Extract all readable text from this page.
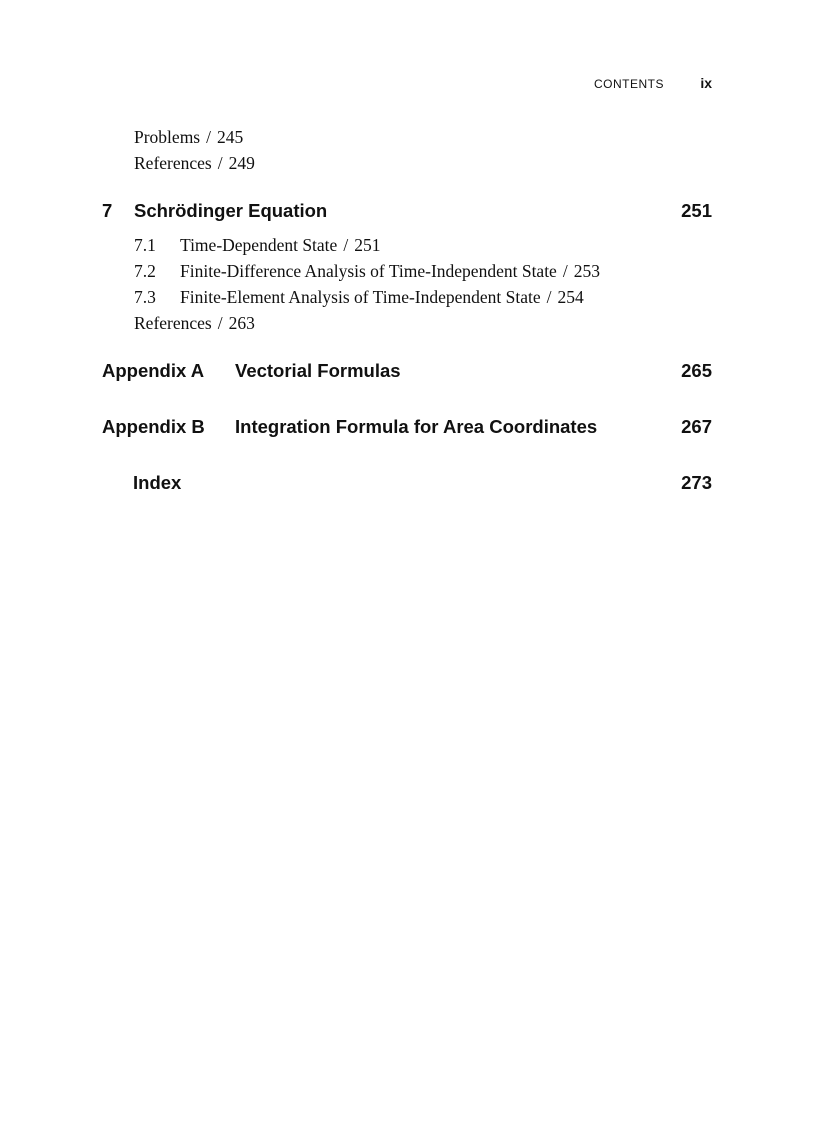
CONTENTS	ix
Problems / 245
References / 249
7 Schrödinger Equation	251
7.1 Time-Dependent State / 251
7.2 Finite-Difference Analysis of Time-Independent State / 253
7.3 Finite-Element Analysis of Time-Independent State / 254
References / 263
Appendix A Vectorial Formulas	265
Appendix B Integration Formula for Area Coordinates	267
Index	273
